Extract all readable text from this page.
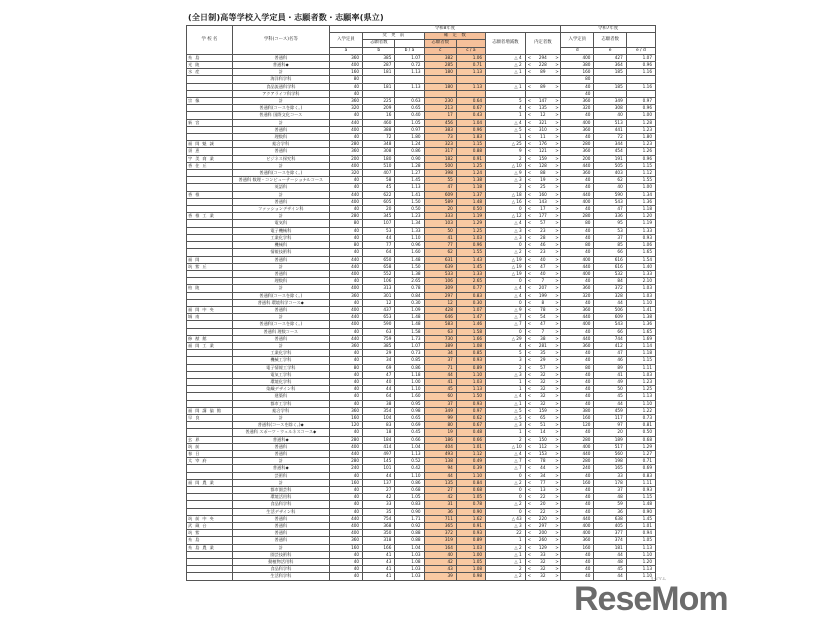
(全日制)高等学校入学定員・志願者数・志願率(県立)
学 校 名	学科(コース)名等	令和8年度									令和7年度		
		入学定員	変　更　前		確　定　数		志願者増減数	内定者数			入学定員	志願者数	
			志願者数		志願者数								
		a	b	b / a	c	c / a					d	e	e / d
糸島	普通科	360	385	1.07	382	1.06	△ 4	<	294	>	400	427	1.07
光陵	普通科◆	400	287	0.72	285	0.71	△ 2	<	228	>	380	364	0.96
水産	計	160	181	1.13	180	1.13	△ 1	<	89	>	160	185	1.16
	海洋科学科	80									80		
	食品流通科学科	40	181	1.13	180	1.13	△ 1	<	89	>	40	185	1.16
	アクアライフ科学科	40									40		
宗像	計	360	225	0.63	230	0.64	5	<	147	>	360	349	0.97
	普通科(コースを除く。)	320	209	0.65	213	0.67	4	<	135	>	320	308	0.96
	普通科 国際文化コース	40	16	0.40	17	0.43	1	<	12	>	40	40	1.00
新宮	計	440	460	1.05	456	1.04	△ 4	<	321	>	400	513	1.28
	普通科	400	388	0.97	383	0.96	△ 5	<	310	>	360	441	1.23
	理数科	40	72	1.80	73	1.83	1	<	11	>	40	72	1.80
福岡魁誠	総合学科	280	348	1.24	323	1.15	△ 25	<	176	>	280	344	1.23
須恵	普通科	360	308	0.86	317	0.88	9	<	121	>	360	454	1.26
宇美商業	ビジネス探究科	200	180	0.90	182	0.91	2	<	159	>	200	191	0.96
香住丘	計	400	510	1.28	500	1.25	△ 10	<	128	>	440	505	1.15
	普通科(コースを除く。)	320	407	1.27	398	1.24	△ 9	<	88	>	360	403	1.12
	普通科 数理・コンピューテーショナルコース	40	58	1.45	55	1.38	△ 3	<	19	>	40	62	1.55
	英語科	40	45	1.13	47	1.18	2	<	25	>	40	40	1.00
香椎	計	440	622	1.41	609	1.37	△ 18	<	160	>	440	590	1.34
	普通科	400	605	1.50	589	1.48	△ 16	<	143	>	400	543	1.36
	ファッションデザイン科	40	20	0.50	20	0.50	0	<	17	>	40	47	1.18
香椎工業	計	280	345	1.23	333	1.19	△ 12	<	177	>	280	336	1.20
	電気科	80	107	1.34	103	1.29	△ 4	<	57	>	80	95	1.19
	電子機械科	40	53	1.33	50	1.25	△ 3	<	23	>	40	53	1.33
	工業化学科	40	44	1.10	41	1.03	△ 3	<	28	>	40	37	0.93
	機械科	80	77	0.96	77	0.96	0	<	46	>	80	85	1.06
	情報技術科	40	64	1.60	62	1.55	△ 2	<	23	>	40	66	1.65
福岡	普通科	440	650	1.48	631	1.43	△ 19	<	40	>	400	616	1.54
筑紫丘	計	440	658	1.50	639	1.45	△ 19	<	47	>	440	616	1.40
	普通科	400	552	1.38	533	1.33	△ 19	<	40	>	400	532	1.33
	理数科	40	106	2.65	106	2.65	0	<	7	>	40	84	2.10
柏陵	計	400	313	0.78	309	0.77	△ 4	<	207	>	360	372	1.03
	普通科(コースを除く。)	360	301	0.84	297	0.83	△ 4	<	199	>	320	328	1.03
	普通科 環境科学コース◆	40	12	0.30	12	0.30	0	<	8	>	40	44	1.10
福岡中央	普通科	400	437	1.09	428	1.07	△ 9	<	78	>	360	506	1.41
城南	計	440	653	1.48	646	1.47	△ 7	<	54	>	440	609	1.38
	普通科(コースを除く。)	400	590	1.48	583	1.46	△ 7	<	47	>	400	543	1.36
	普通科 理数コース	40	63	1.58	63	1.58	0	<	7	>	40	66	1.65
修猷館	普通科	440	759	1.73	730	1.66	△ 29	<	38	>	440	744	1.69
福岡工業	計	360	385	1.07	389	1.08	4	<	281	>	360	412	1.14
	工業化学科	40	29	0.73	34	0.85	5	<	35	>	40	47	1.18
	機械工学科	40	34	0.85	37	0.93	3	<	29	>	40	46	1.15
	電子情報工学科	80	69	0.86	71	0.89	2	<	57	>	80	89	1.11
	電気工学科	40	47	1.18	44	1.10	△ 3	<	32	>	40	41	1.03
	環境化学科	40	40	1.00	41	1.03	1	<	32	>	40	49	1.23
	染織デザイン科	40	44	1.10	45	1.13	1	<	32	>	40	50	1.25
	建築科	40	64	1.60	60	1.50	△ 4	<	32	>	40	45	1.13
	都市工学科	40	38	0.95	37	0.93	△ 1	<	32	>	40	44	1.10
福岡講倫館	総合学科	360	354	0.98	349	0.97	△ 5	<	159	>	380	459	1.22
早良	計	160	104	0.65	99	0.62	△ 5	<	65	>	160	117	0.73
	普通科(コースを除く。)◆	120	83	0.69	80	0.67	△ 3	<	51	>	120	97	0.81
	普通科 スポーツ・ウェルネスコース◆	40	18	0.45	19	0.48	1	<	14	>	40	20	0.50
玄界	普通科◆	280	184	0.66	186	0.66	2	<	150	>	280	189	0.68
筑前	普通科	400	414	1.04	404	1.01	△ 10	<	112	>	400	517	1.29
春日	普通科	440	497	1.13	493	1.12	△ 4	<	153	>	440	560	1.27
太宰府	計	280	145	0.52	138	0.49	△ 7	<	78	>	280	198	0.71
	普通科◆	240	101	0.42	94	0.39	△ 7	<	44	>	240	165	0.69
	芸術科	40	44	1.10	44	1.10	0	<	34	>	40	33	0.83
福岡農業	計	160	137	0.86	135	0.84	△ 2	<	77	>	160	178	1.11
	都市園芸科	40	27	0.68	27	0.68	0	<	13	>	40	37	0.93
	環境活用科	40	42	1.05	42	1.05	0	<	22	>	40	48	1.15
	食品科学科	40	33	0.83	31	0.78	△ 2	<	20	>	40	59	1.48
	生活デザイン科	40	35	0.90	36	0.90	0	<	22	>	40	36	0.90
筑前中央	普通科	440	754	1.71	711	1.62	△ 43	<	220	>	440	638	1.45
武蔵台	普通科	400	368	0.92	365	0.91	△ 3	<	297	>	400	405	1.01
筑紫	普通科	400	350	0.88	372	0.93	22	<	200	>	400	377	0.94
糸島	普通科	360	318	0.88	319	0.89	1	<	260	>	360	374	1.05
糸島農業	計	160	166	1.04	164	1.03	△ 2	<	129	>	160	181	1.13
	園芸技術科	40	41	1.03	40	1.00	△ 1	<	33	>	40	44	1.10
	動植物活用科	40	43	1.08	42	1.05	△ 1	<	32	>	40	48	1.20
	食品科学科	40	41	1.03	43	1.08	2	<	32	>	40	45	1.13
	生活科学科	40	41	1.03	39	0.98	△ 2	<	32	>	40	44	1.10
ReseMom
リセマム
